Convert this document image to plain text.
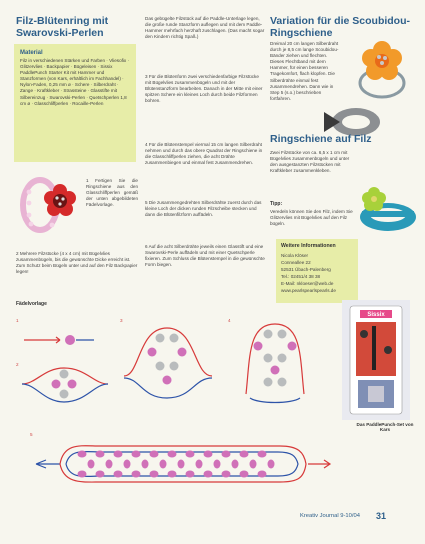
Filz-Blütenring mit Swarovski-Perlen
Material
Filz in verschiedenen Stärken und Farben · Vliesofix · Glitzervlies · Backpapier · Bügeleisen · Sissix PaddlePunch Starter Kit mit Hammer und Stanzformen (von Kars, erhältlich im Fachhandel) · Nylon-Faden, 0,25 mm ø · Schere · Silberdraht · Zange · Kraftkleber · Strassteine · Glasstifte mit Silbereinzug · Swarovski-Perlen · Quetschperlen 1,8 cm ø · Glasschliffperlen · Rocaille-Perlen
1 Fertigen Sie die Ringschiene aus den Glasschliffperlen gemäß der unten abgebildeten Fädelvorlage.
2 Mehrere Filzstücke (4 x 4 cm) mit Bügelvlies zusammenbügeln, bis die gewünschte Dicke erreicht ist. Zum Schutz beim Bügeln unter und auf den Filz Backpapier legen!
Fädelvorlage
Das gebügelte Filzstück auf die Paddle-Unterlage legen, die große runde Stanzform auflegen und mit dem Paddle-Hammer mehrfach herzhaft zuschlagen. (Das macht sogar den Kindern richtig Spaß.)
3 Für die Blütenform zwei verschiedenfarbige Filzstücke mit Bügelvlies zusammenbügeln und mit der Blütenstanzform bearbeiten. Danach in der Mitte mit einer spitzen Schere ein kleines Loch durch beide Filzformen bohren.
4 Für die Blütenstempel viermal 15 cm langen Silberdraht nehmen und durch das obere Quadrat der Ringschiene in die Glasschliffperlen ziehen, die acht Drähte zusammenbiegen und einmal fest zusammendrehen.
5 Die zusammengedrehten Silberdrähte zuerst durch das kleine Loch der dicken runden Filzscheibe stecken und dann die Blütenfilzform auffädeln.
6 Auf die acht Silberdrähte jeweils einen Glasstift und eine Swarovski-Perle auffädeln und mit einer Quetschperle fixieren. Zum Schluss die Blütenstempel in die gewünschte Form biegen.
Variation für die Scoubidou-Ringschiene
Dreimal 20 cm langen Silberdraht durch je 8,5 cm lange Scoubidou-Bänder ziehen und flechten. Dieses Flechtband mit dem Hammer, für einen besseren Tragekomfort, flach klopfen. Die Silberdrähte einmal fest zusammendrehen. Dann wie in Step 5 (s.o.) beschrieben fortfahren.
Ringschiene auf Filz
Zwei Filzstücke von ca. 6,5 x 1 cm mit Bügelvlies zusammenbügeln und unter den ausgestanzten Filzstücken mit Kraftkleber zusammenkleben.
Tipp:
Veredeln können Sie den Filz, indem Sie Glitzervlies mit Bügelvlies auf den Filz bügeln.
Weitere Informationen
Nicola Klöser
Conneallee 22
52531 Übach-Palenberg
Tel.: 02451/4 38 38
E-Mail: nkloeser@web.de
www.pearlspearlspearls.de
Sissix
Das PaddlePunch-Set von Kars
1
2
3	4
5
Kreativ Journal 9-10/04 31
